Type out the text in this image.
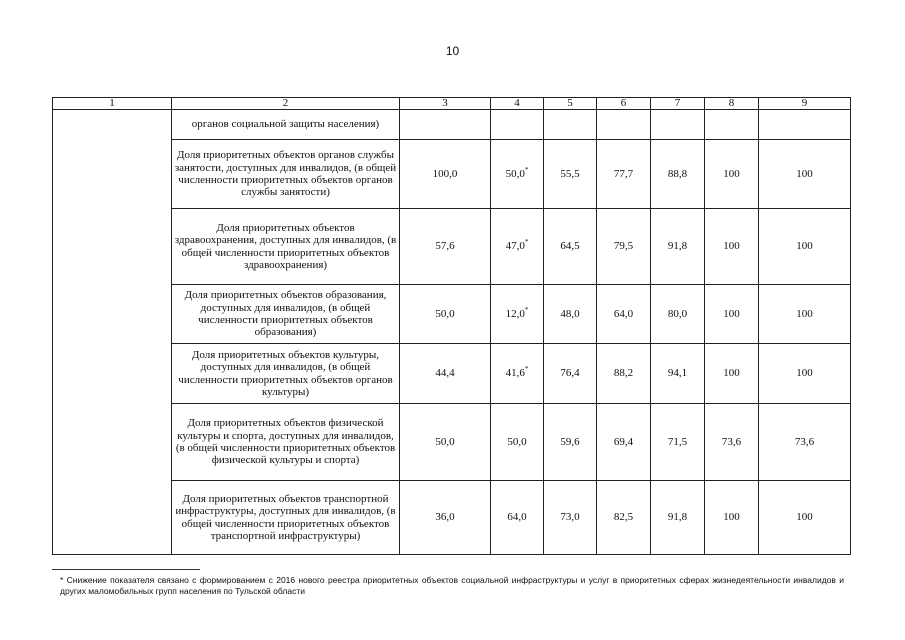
10
1	2	3	4	5	6	7	8	9
	органов социальной защиты населения)							
	Доля приоритетных объектов органов службы занятости, доступных для инвалидов, (в общей численности приоритетных объектов органов службы занятости)	100,0	50,0*	55,5	77,7	88,8	100	100
	Доля приоритетных объектов здравоохранения, доступных для инвалидов, (в общей численности приоритетных объектов здравоохранения)	57,6	47,0*	64,5	79,5	91,8	100	100
	Доля приоритетных объектов образования, доступных для инвалидов, (в общей численности приоритетных объектов образования)	50,0	12,0*	48,0	64,0	80,0	100	100
	Доля приоритетных объектов культуры, доступных для инвалидов, (в общей численности приоритетных объектов органов культуры)	44,4	41,6*	76,4	88,2	94,1	100	100
	Доля приоритетных объектов физической культуры и спорта, доступных для инвалидов, (в общей численности приоритетных объектов физической культуры и спорта)	50,0	50,0	59,6	69,4	71,5	73,6	73,6
	Доля приоритетных объектов транспортной инфраструктуры, доступных для инвалидов, (в общей численности приоритетных объектов транспортной инфраструктуры)	36,0	64,0	73,0	82,5	91,8	100	100
* Снижение показателя связано с формированием с 2016 нового реестра приоритетных объектов социальной инфраструктуры и услуг в приоритетных сферах жизнедеятельности инвалидов и других маломобильных групп населения по Тульской области
